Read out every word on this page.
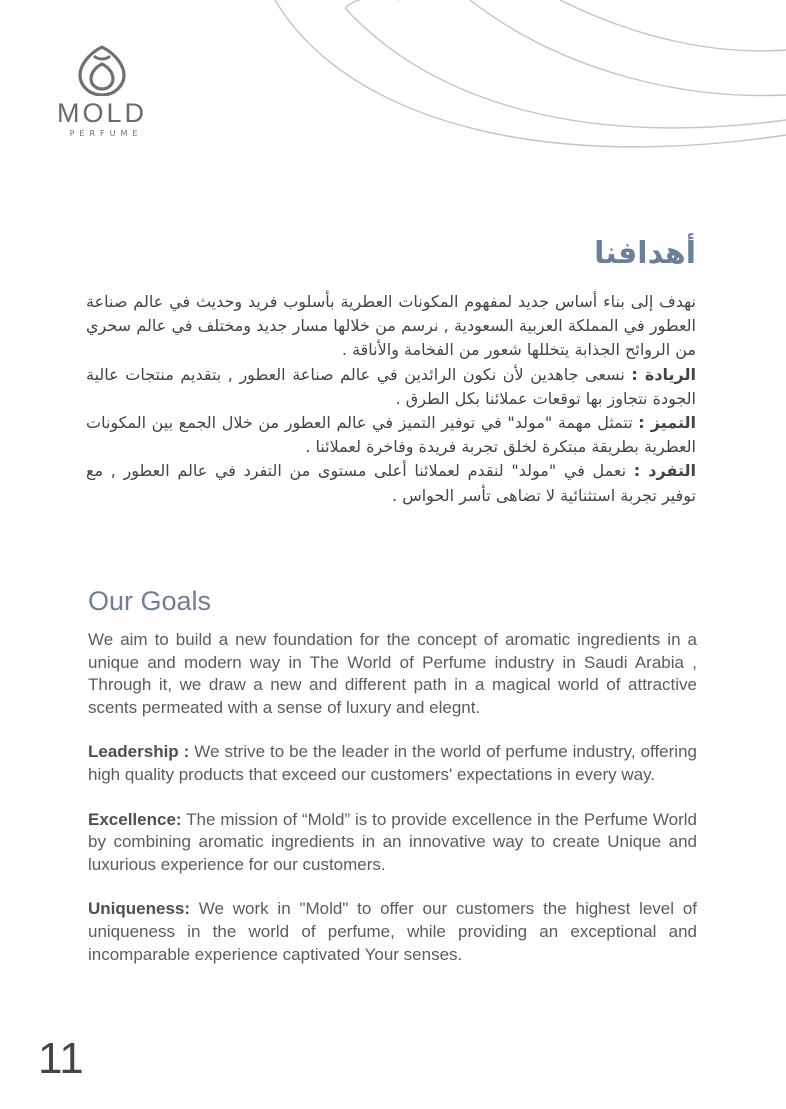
MOLD
PERFUME
أهدافنا

نهدف إلى بناء أساس جديد لمفهوم المكونات العطرية بأسلوب فريد وحديث في عالم صناعة العطور في المملكة العربية السعودية , نرسم من خلالها مسار جديد ومختلف في عالم سحري من الروائح الجذابة يتخللها شعور من الفخامة والأناقة .

الريادة : نسعى جاهدين لأن نكون الرائدين في عالم صناعة العطور , بتقديم منتجات عالية الجودة نتجاوز بها توقعات عملائنا بكل الطرق .

التميز : تتمثل مهمة "مولد" في توفير التميز في عالم العطور من خلال الجمع بين المكونات العطرية بطريقة مبتكرة لخلق تجربة فريدة وفاخرة لعملائنا .

التفرد : نعمل في "مولد" لنقدم لعملائنا أعلى مستوى من التفرد في عالم العطور , مع توفير تجربة استثنائية لا تضاهى تأسر الحواس .

Our Goals

We aim to build a new foundation for the concept of aromatic ingredients in a unique and modern way in The World of Perfume industry in Saudi Arabia , Through it, we draw a new and different path in a magical world of attractive scents permeated with a sense of luxury and elegnt.

Leadership : We strive to be the leader in the world of perfume industry, offering high quality products that exceed our customers' expectations in every way.

Excellence: The mission of “Mold” is to provide excellence in the Perfume World by combining aromatic ingredients in an innovative way to create Unique and luxurious experience for our customers.

Uniqueness: We work in "Mold" to offer our customers the highest level of uniqueness in the world of perfume, while providing an exceptional and incomparable experience captivated Your senses.

11
